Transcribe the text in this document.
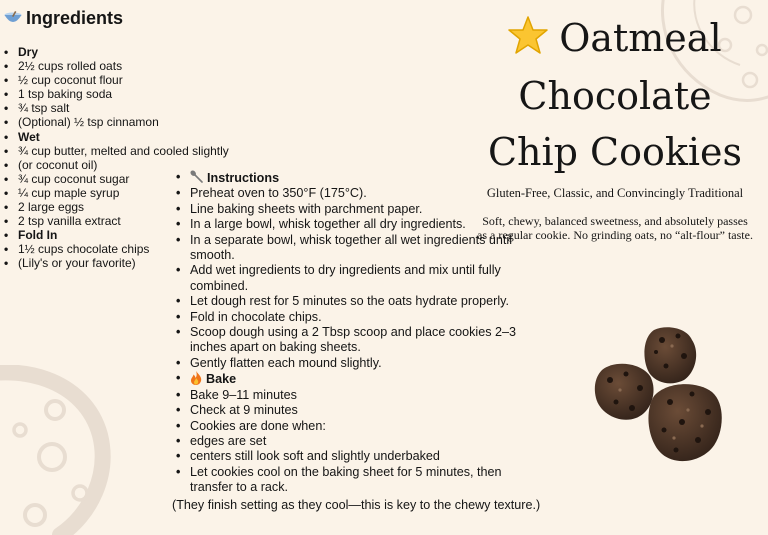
Ingredients
• Dry
• 2½ cups rolled oats
• ½ cup coconut flour
• 1 tsp baking soda
• ¾ tsp salt
• (Optional) ½ tsp cinnamon
• Wet
• ¾ cup butter, melted and cooled slightly
• (or coconut oil)
• ¾ cup coconut sugar
• ¼ cup maple syrup
• 2 large eggs
• 2 tsp vanilla extract
• Fold In
• 1½ cups chocolate chips
• (Lily's or your favorite)
• Instructions
• Preheat oven to 350°F (175°C).
• Line baking sheets with parchment paper.
• In a large bowl, whisk together all dry ingredients.
• In a separate bowl, whisk together all wet ingredients until smooth.
• Add wet ingredients to dry ingredients and mix until fully combined.
• Let dough rest for 5 minutes so the oats hydrate properly.
• Fold in chocolate chips.
• Scoop dough using a 2 Tbsp scoop and place cookies 2–3 inches apart on baking sheets.
• Gently flatten each mound slightly.
• Bake
• Bake 9–11 minutes
• Check at 9 minutes
• Cookies are done when:
• edges are set
• centers still look soft and slightly underbaked
• Let cookies cool on the baking sheet for 5 minutes, then transfer to a rack.

(They finish setting as they cool—this is key to the chewy texture.)

Oatmeal
Chocolate
Chip Cookies

Gluten-Free, Classic, and Convincingly Traditional

Soft, chewy, balanced sweetness, and absolutely passes as a regular cookie. No grinding oats, no “alt-flour” taste.
